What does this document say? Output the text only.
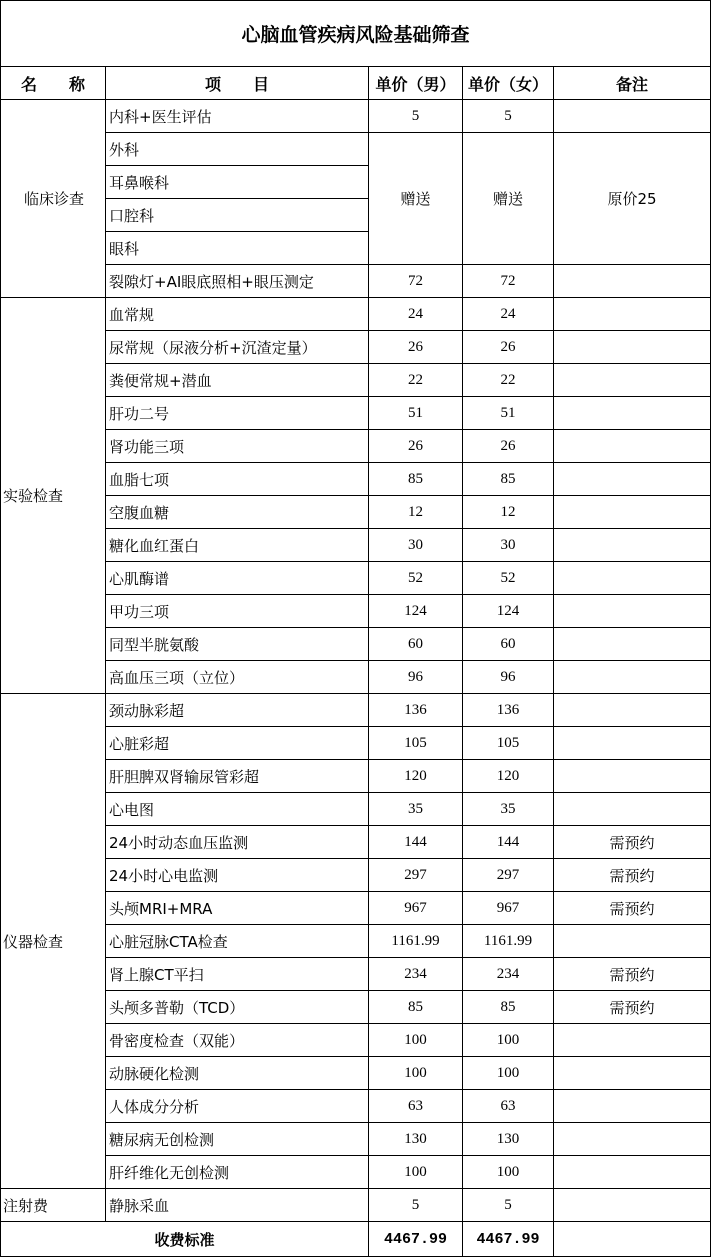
心脑血管疾病风险基础筛查				
名　　称	项　　目	单价（男）	单价（女）	备注
临床诊查	内科+医生评估	5	5	
	外科	赠送	赠送	原价25
	耳鼻喉科			
	口腔科			
	眼科			
	裂隙灯+AI眼底照相+眼压测定	72	72	
实验检查	血常规	24	24	
	尿常规（尿液分析+沉渣定量）	26	26	
	粪便常规+潜血	22	22	
	肝功二号	51	51	
	肾功能三项	26	26	
	血脂七项	85	85	
	空腹血糖	12	12	
	糖化血红蛋白	30	30	
	心肌酶谱	52	52	
	甲功三项	124	124	
	同型半胱氨酸	60	60	
	高血压三项（立位）	96	96	
仪器检查	颈动脉彩超	136	136	
	心脏彩超	105	105	
	肝胆脾双肾输尿管彩超	120	120	
	心电图	35	35	
	24小时动态血压监测	144	144	需预约
	24小时心电监测	297	297	需预约
	头颅MRI+MRA	967	967	需预约
	心脏冠脉CTA检查	1161.99	1161.99	
	肾上腺CT平扫	234	234	需预约
	头颅多普勒（TCD）	85	85	需预约
	骨密度检查（双能）	100	100	
	动脉硬化检测	100	100	
	人体成分分析	63	63	
	糖尿病无创检测	130	130	
	肝纤维化无创检测	100	100	
注射费	静脉采血	5	5	
收费标准		4467.99	4467.99	
